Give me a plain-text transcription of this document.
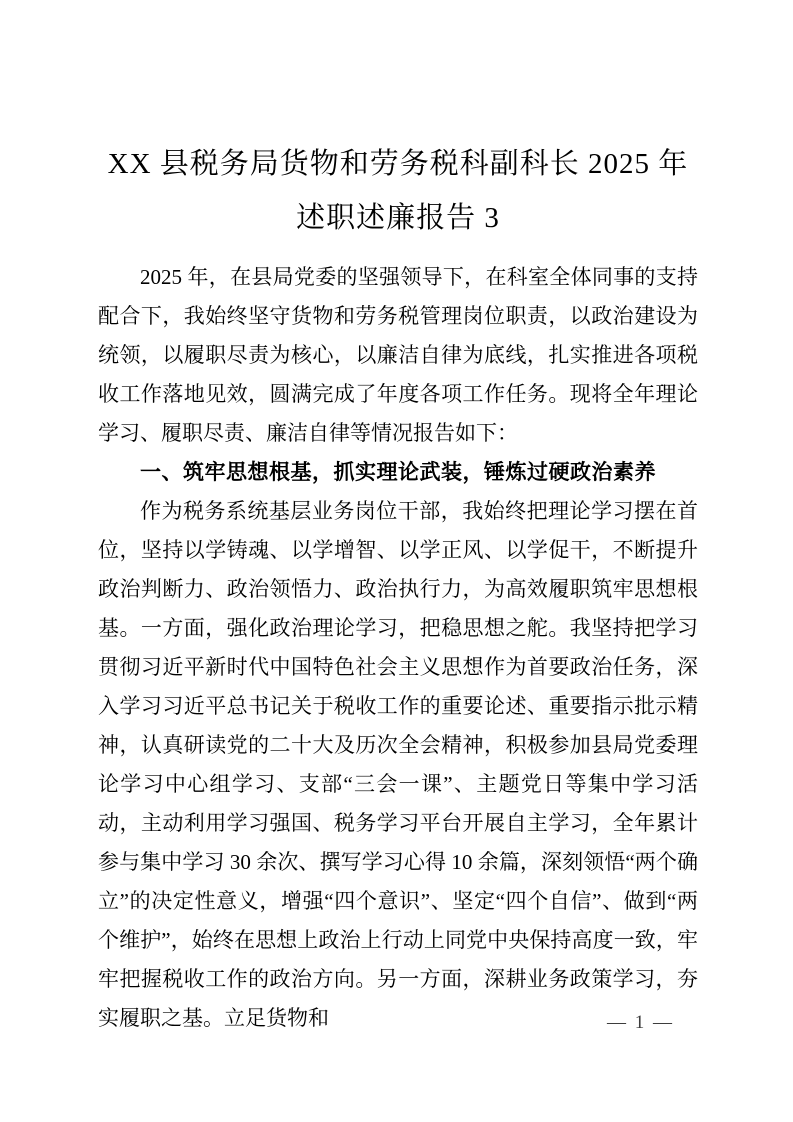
XX 县税务局货物和劳务税科副科长 2025 年述职述廉报告 3

2025 年，在县局党委的坚强领导下，在科室全体同事的支持配合下，我始终坚守货物和劳务税管理岗位职责，以政治建设为统领，以履职尽责为核心，以廉洁自律为底线，扎实推进各项税收工作落地见效，圆满完成了年度各项工作任务。现将全年理论学习、履职尽责、廉洁自律等情况报告如下：

一、筑牢思想根基，抓实理论武装，锤炼过硬政治素养

作为税务系统基层业务岗位干部，我始终把理论学习摆在首位，坚持以学铸魂、以学增智、以学正风、以学促干，不断提升政治判断力、政治领悟力、政治执行力，为高效履职筑牢思想根基。一方面，强化政治理论学习，把稳思想之舵。我坚持把学习贯彻习近平新时代中国特色社会主义思想作为首要政治任务，深入学习习近平总书记关于税收工作的重要论述、重要指示批示精神，认真研读党的二十大及历次全会精神，积极参加县局党委理论学习中心组学习、支部“三会一课”、主题党日等集中学习活动，主动利用学习强国、税务学习平台开展自主学习，全年累计参与集中学习 30 余次、撰写学习心得 10 余篇，深刻领悟“两个确立”的决定性意义，增强“四个意识”、坚定“四个自信”、做到“两个维护”，始终在思想上政治上行动上同党中央保持高度一致，牢牢把握税收工作的政治方向。另一方面，深耕业务政策学习，夯实履职之基。立足货物和	— 1 —
